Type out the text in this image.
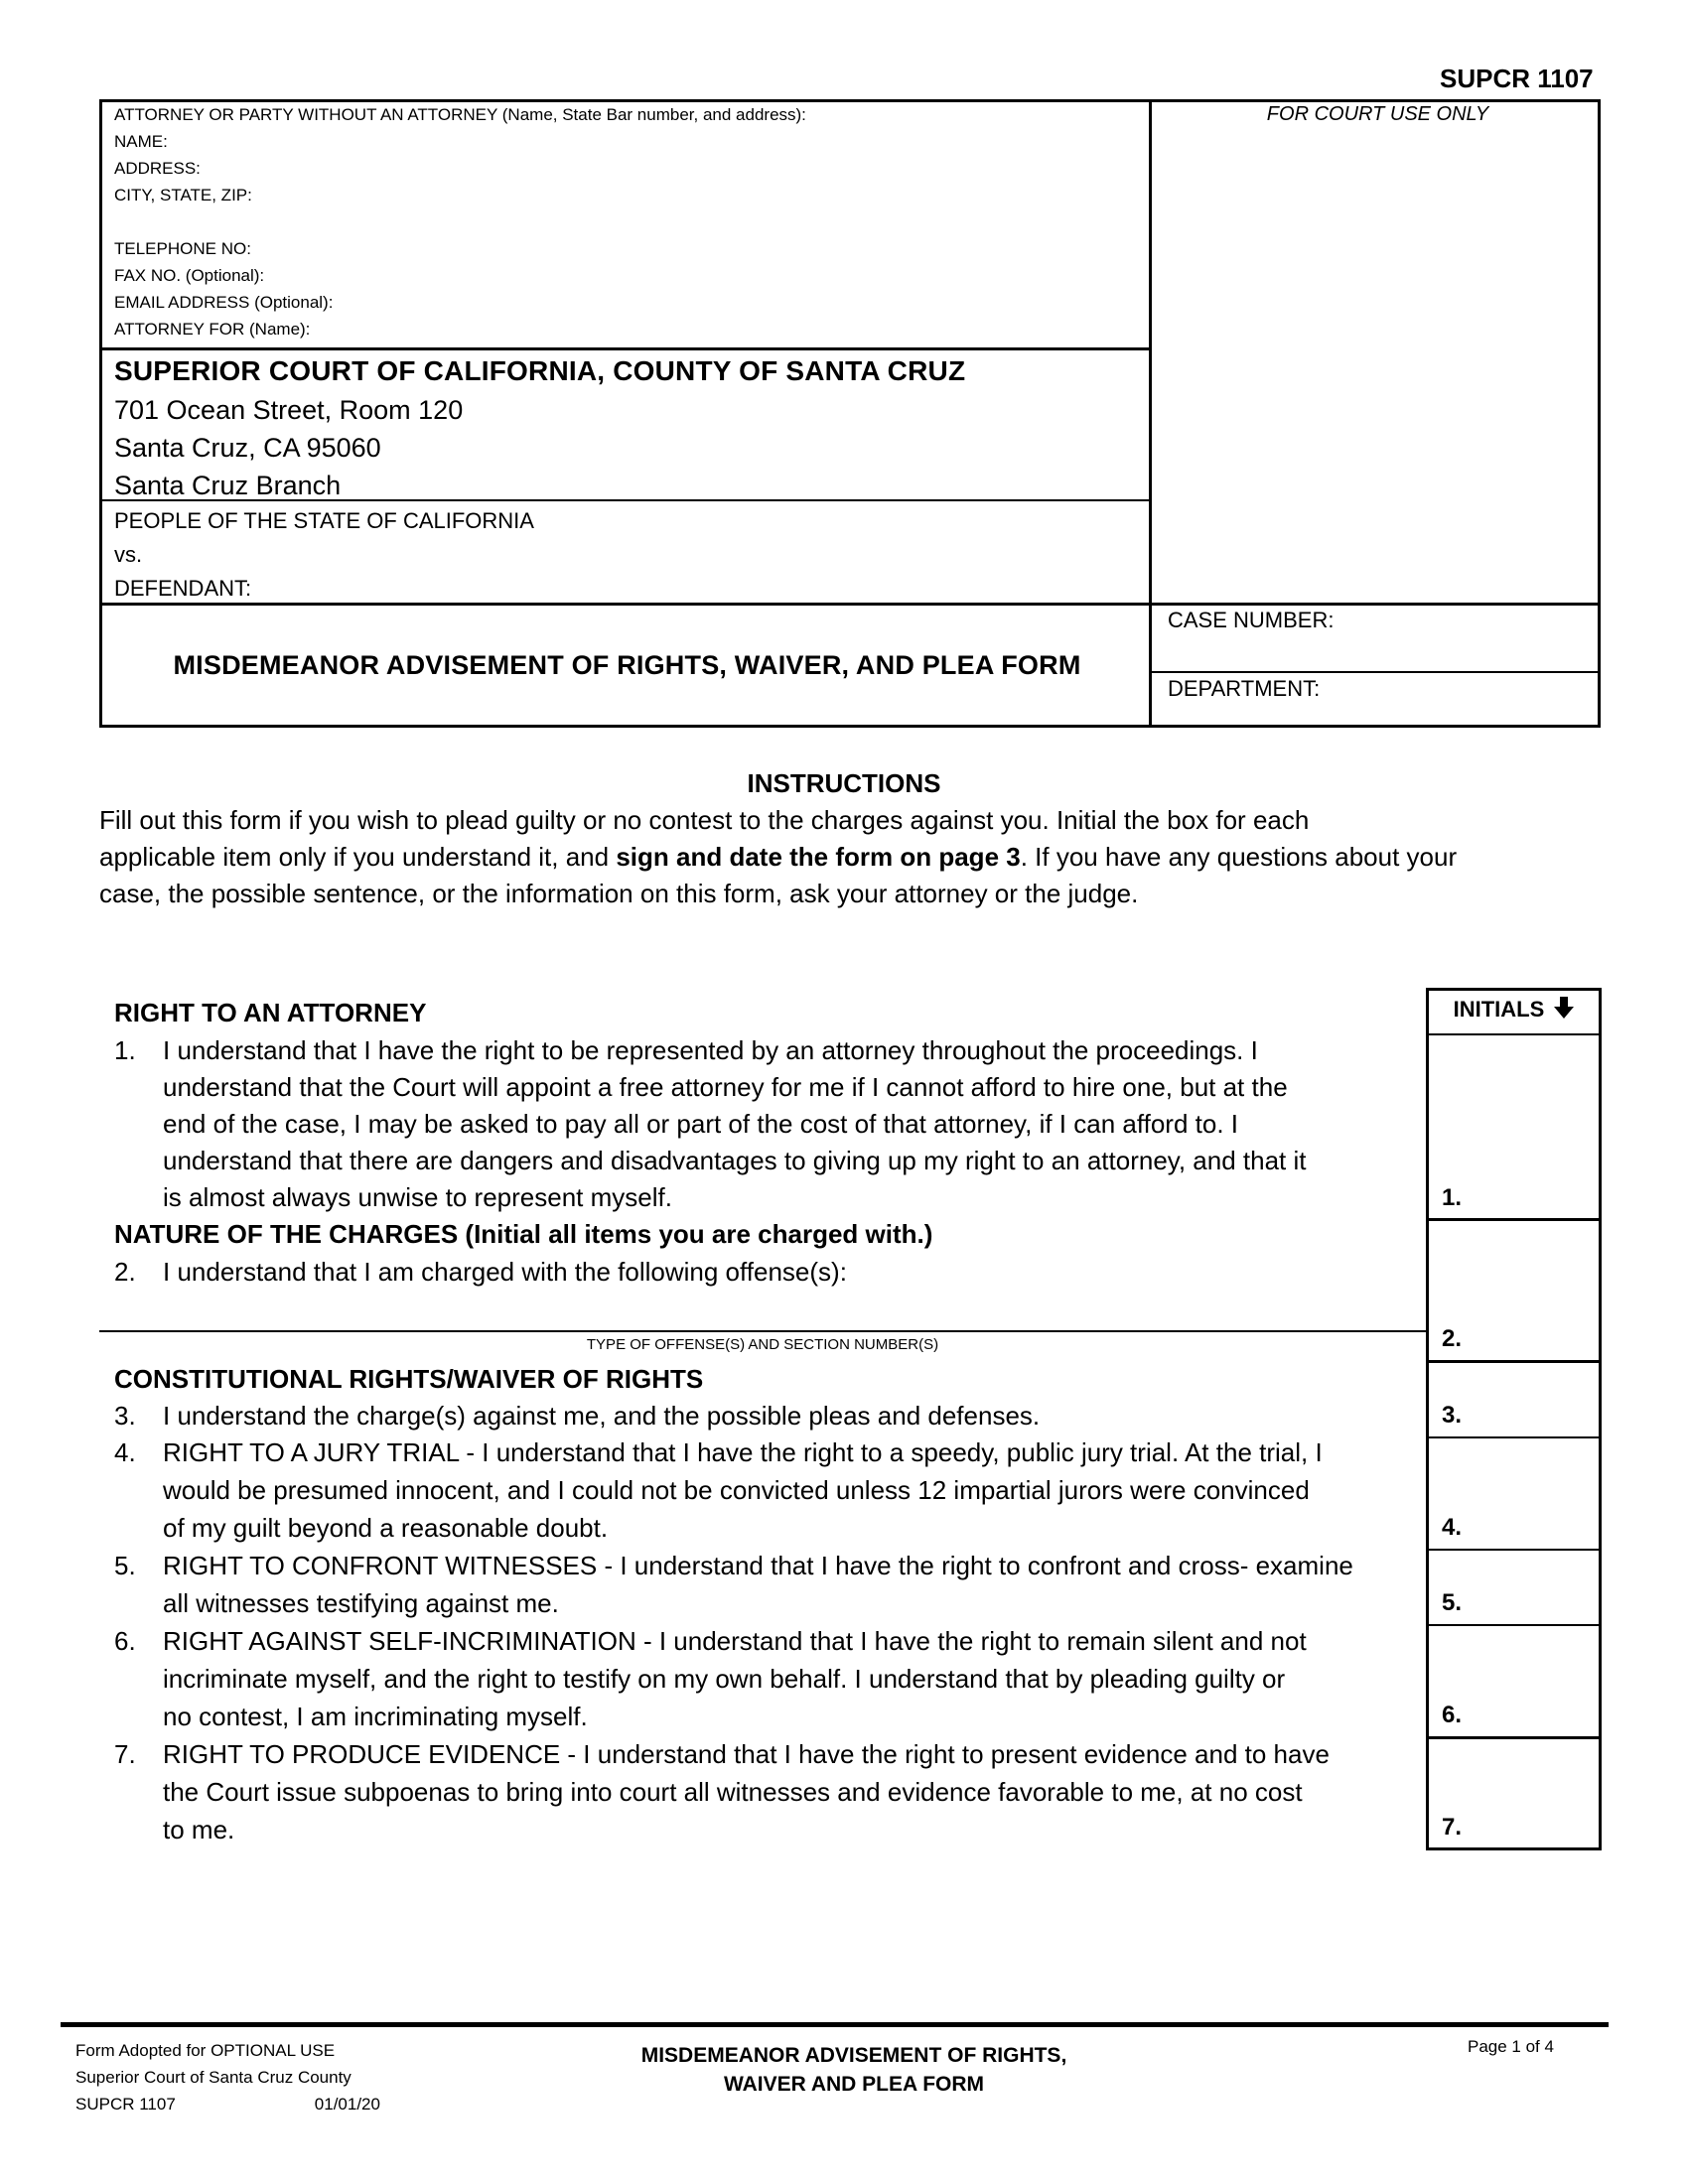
SUPCR 1107
ATTORNEY OR PARTY WITHOUT AN ATTORNEY (Name, State Bar number, and address):
NAME:
ADDRESS:
CITY, STATE, ZIP:
TELEPHONE NO:
FAX NO. (Optional):
EMAIL ADDRESS (Optional):
ATTORNEY FOR (Name):
SUPERIOR COURT OF CALIFORNIA, COUNTY OF SANTA CRUZ
701 Ocean Street, Room 120
Santa Cruz, CA 95060
Santa Cruz Branch
PEOPLE OF THE STATE OF CALIFORNIA
vs.
DEFENDANT:
FOR COURT USE ONLY
MISDEMEANOR ADVISEMENT OF RIGHTS, WAIVER, AND PLEA FORM
CASE NUMBER:
DEPARTMENT:
INSTRUCTIONS
Fill out this form if you wish to plead guilty or no contest to the charges against you. Initial the box for each
applicable item only if you understand it, and sign and date the form on page 3. If you have any questions about your
case, the possible sentence, or the information on this form, ask your attorney or the judge.
INITIALS
1.
2.
3.
4.
5.
6.
7.
RIGHT TO AN ATTORNEY
1. I understand that I have the right to be represented by an attorney throughout the proceedings. I
understand that the Court will appoint a free attorney for me if I cannot afford to hire one, but at the
end of the case, I may be asked to pay all or part of the cost of that attorney, if I can afford to. I
understand that there are dangers and disadvantages to giving up my right to an attorney, and that it
is almost always unwise to represent myself.
NATURE OF THE CHARGES (Initial all items you are charged with.)
2. I understand that I am charged with the following offense(s):
TYPE OF OFFENSE(S) AND SECTION NUMBER(S)
CONSTITUTIONAL RIGHTS/WAIVER OF RIGHTS
3. I understand the charge(s) against me, and the possible pleas and defenses.
4. RIGHT TO A JURY TRIAL - I understand that I have the right to a speedy, public jury trial. At the trial, I
would be presumed innocent, and I could not be convicted unless 12 impartial jurors were convinced
of my guilt beyond a reasonable doubt.
5. RIGHT TO CONFRONT WITNESSES - I understand that I have the right to confront and cross- examine
all witnesses testifying against me.
6. RIGHT AGAINST SELF-INCRIMINATION - I understand that I have the right to remain silent and not
incriminate myself, and the right to testify on my own behalf. I understand that by pleading guilty or
no contest, I am incriminating myself.
7. RIGHT TO PRODUCE EVIDENCE - I understand that I have the right to present evidence and to have
the Court issue subpoenas to bring into court all witnesses and evidence favorable to me, at no cost
to me.
Form Adopted for OPTIONAL USE
Superior Court of Santa Cruz County
SUPCR 1107	01/01/20
MISDEMEANOR ADVISEMENT OF RIGHTS,
WAIVER AND PLEA FORM
Page 1 of 4
